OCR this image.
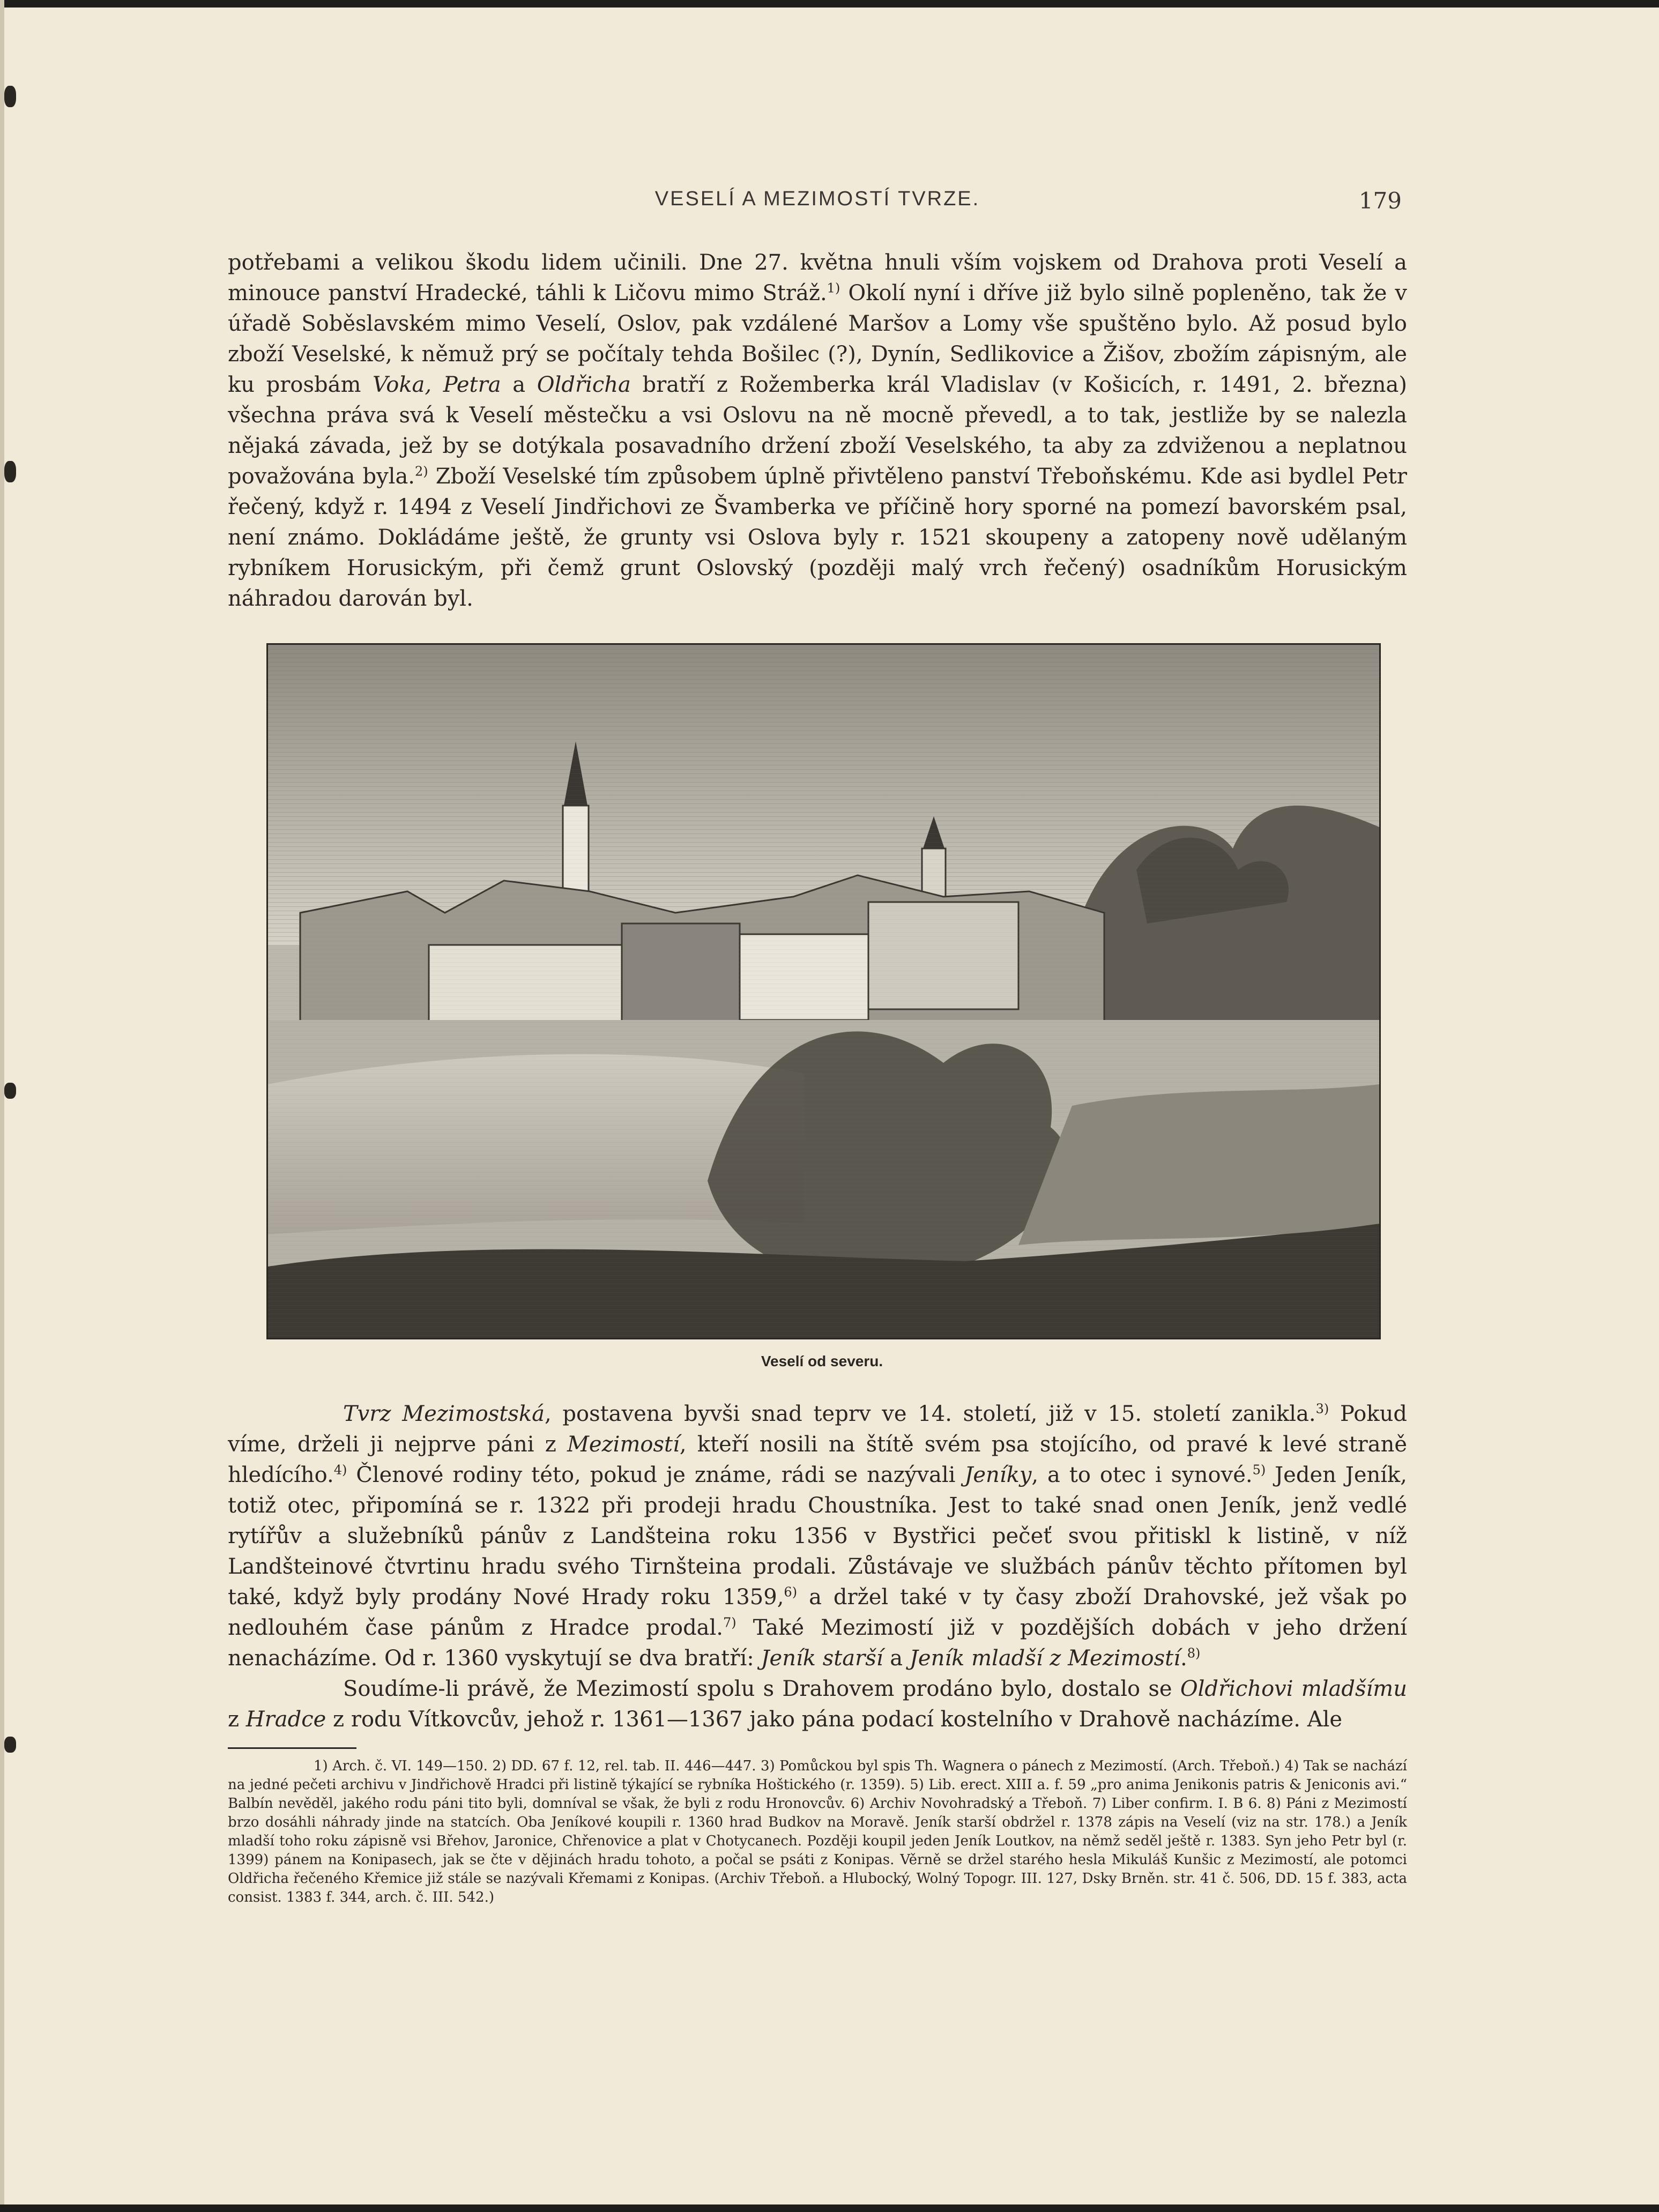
VESELÍ A MEZIMOSTÍ TVRZE.	179

potřebami a velikou škodu lidem učinili. Dne 27. května hnuli vším vojskem od Drahova proti Veselí a minouce panství Hradecké, táhli k Ličovu mimo Stráž.$^{1)}$ Okolí nyní i dříve již bylo silně popleněno, tak že v úřadě Soběslavském mimo Veselí, Oslov, pak vzdálené Maršov a Lomy vše spuštěno bylo. Až posud bylo zboží Veselské, k němuž prý se počítaly tehda Bošilec (?), Dynín, Sedlikovice a Žišov, zbožím zápisným, ale ku prosbám Voka, Petra a Oldřicha bratří z Rožemberka král Vladislav (v Košicích, r. 1491, 2. března) všechna práva svá k Veselí městečku a vsi Oslovu na ně mocně převedl, a to tak, jestliže by se nalezla nějaká závada, jež by se dotýkala posavadního držení zboží Veselského, ta aby za zdviženou a neplatnou považována byla.$^{2)}$ Zboží Veselské tím způsobem úplně přivtěleno panství Třeboňskému. Kde asi bydlel Petr řečený, když r. 1494 z Veselí Jindřichovi ze Švamberka ve příčině hory sporné na pomezí bavorském psal, není známo. Dokládáme ještě, že grunty vsi Oslova byly r. 1521 skoupeny a zatopeny nově udělaným rybníkem Horusickým, při čemž grunt Oslovský (později malý vrch řečený) osadníkům Horusickým náhradou darován byl.

Veselí od severu.

Tvrz Mezimostská, postavena byvši snad teprv ve 14. století, již v 15. století zanikla.$^{3)}$ Pokud víme, drželi ji nejprve páni z Mezimostí, kteří nosili na štítě svém psa stojícího, od pravé k levé straně hledícího.$^{4)}$ Členové rodiny této, pokud je známe, rádi se nazývali Jeníky, a to otec i synové.$^{5)}$ Jeden Jeník, totiž otec, připomíná se r. 1322 při prodeji hradu Choustníka. Jest to také snad onen Jeník, jenž vedlé rytířův a služebníků pánův z Landšteina roku 1356 v Bystřici pečeť svou přitiskl k listině, v níž Landšteinové čtvrtinu hradu svého Tirnšteina prodali. Zůstávaje ve službách pánův těchto přítomen byl také, když byly prodány Nové Hrady roku 1359,$^{6)}$ a držel také v ty časy zboží Drahovské, jež však po nedlouhém čase pánům z Hradce prodal.$^{7)}$ Také Mezimostí již v pozdějších dobách v jeho držení nenacházíme. Od r. 1360 vyskytují se dva bratří: Jeník starší a Jeník mladší z Mezimostí.$^{8)}$

Soudíme-li právě, že Mezimostí spolu s Drahovem prodáno bylo, dostalo se Oldřichovi mladšímu z Hradce z rodu Vítkovcův, jehož r. 1361—1367 jako pána podací kostelního v Drahově nacházíme. Ale

1) Arch. č. VI. 149—150. 2) DD. 67 f. 12, rel. tab. II. 446—447. 3) Pomůckou byl spis Th. Wagnera o pánech z Mezimostí. (Arch. Třeboň.) 4) Tak se nachází na jedné pečeti archivu v Jindřichově Hradci při listině týkající se rybníka Hoštického (r. 1359). 5) Lib. erect. XIII a. f. 59 „pro anima Jenikonis patris & Jeniconis avi.“ Balbín nevěděl, jakého rodu páni tito byli, domníval se však, že byli z rodu Hronovcův. 6) Archiv Novohradský a Třeboň. 7) Liber confirm. I. B 6. 8) Páni z Mezimostí brzo dosáhli náhrady jinde na statcích. Oba Jeníkové koupili r. 1360 hrad Budkov na Moravě. Jeník starší obdržel r. 1378 zápis na Veselí (viz na str. 178.) a Jeník mladší toho roku zápisně vsi Břehov, Jaronice, Chřenovice a plat v Chotycanech. Později koupil jeden Jeník Loutkov, na němž seděl ještě r. 1383. Syn jeho Petr byl (r. 1399) pánem na Konipasech, jak se čte v dějinách hradu tohoto, a počal se psáti z Konipas. Věrně se držel starého hesla Mikuláš Kunšic z Mezimostí, ale potomci Oldřicha řečeného Křemice již stále se nazývali Křemami z Konipas. (Archiv Třeboň. a Hlubocký, Wolný Topogr. III. 127, Dsky Brněn. str. 41 č. 506, DD. 15 f. 383, acta consist. 1383 f. 344, arch. č. III. 542.)
